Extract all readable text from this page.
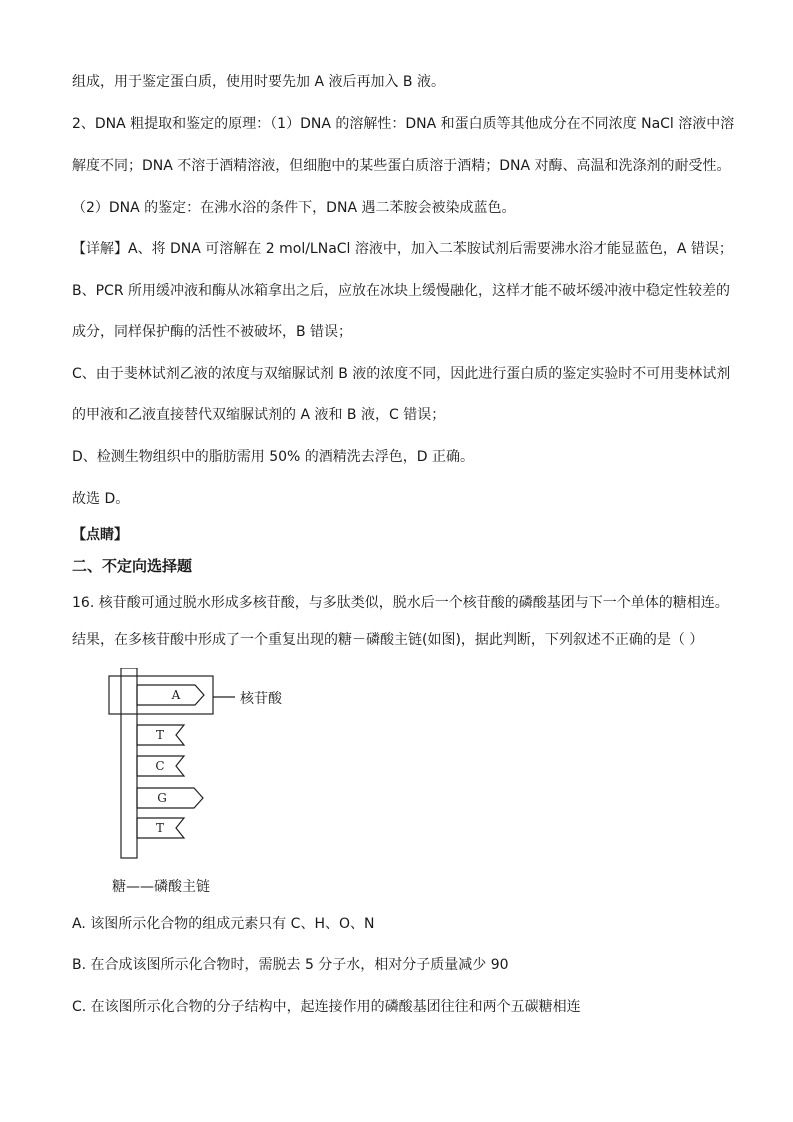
组成，用于鉴定蛋白质，使用时要先加 A 液后再加入 B 液。
2、DNA 粗提取和鉴定的原理：（1）DNA 的溶解性：DNA 和蛋白质等其他成分在不同浓度 NaCl 溶液中溶
解度不同；DNA 不溶于酒精溶液，但细胞中的某些蛋白质溶于酒精；DNA 对酶、高温和洗涤剂的耐受性。
（2）DNA 的鉴定：在沸水浴的条件下，DNA 遇二苯胺会被染成蓝色。
【详解】A、将 DNA 可溶解在 2 mol/LNaCl 溶液中，加入二苯胺试剂后需要沸水浴才能显蓝色，A 错误；
B、PCR 所用缓冲液和酶从冰箱拿出之后，应放在冰块上缓慢融化，这样才能不破坏缓冲液中稳定性较差的
成分，同样保护酶的活性不被破坏，B 错误；
C、由于斐林试剂乙液的浓度与双缩脲试剂 B 液的浓度不同，因此进行蛋白质的鉴定实验时不可用斐林试剂
的甲液和乙液直接替代双缩脲试剂的 A 液和 B 液，C 错误；
D、检测生物组织中的脂肪需用 50% 的酒精洗去浮色，D 正确。
故选 D。
【点睛】
二、不定向选择题
16. 核苷酸可通过脱水形成多核苷酸，与多肽类似，脱水后一个核苷酸的磷酸基团与下一个单体的糖相连。
结果，在多核苷酸中形成了一个重复出现的糖－磷酸主链(如图)，据此判断，下列叙述不正确的是（ ）
A
T
C
G
T
核苷酸
糖——磷酸主链
A. 该图所示化合物的组成元素只有 C、H、O、N
B. 在合成该图所示化合物时，需脱去 5 分子水，相对分子质量减少 90
C. 在该图所示化合物的分子结构中，起连接作用的磷酸基团往往和两个五碳糖相连
